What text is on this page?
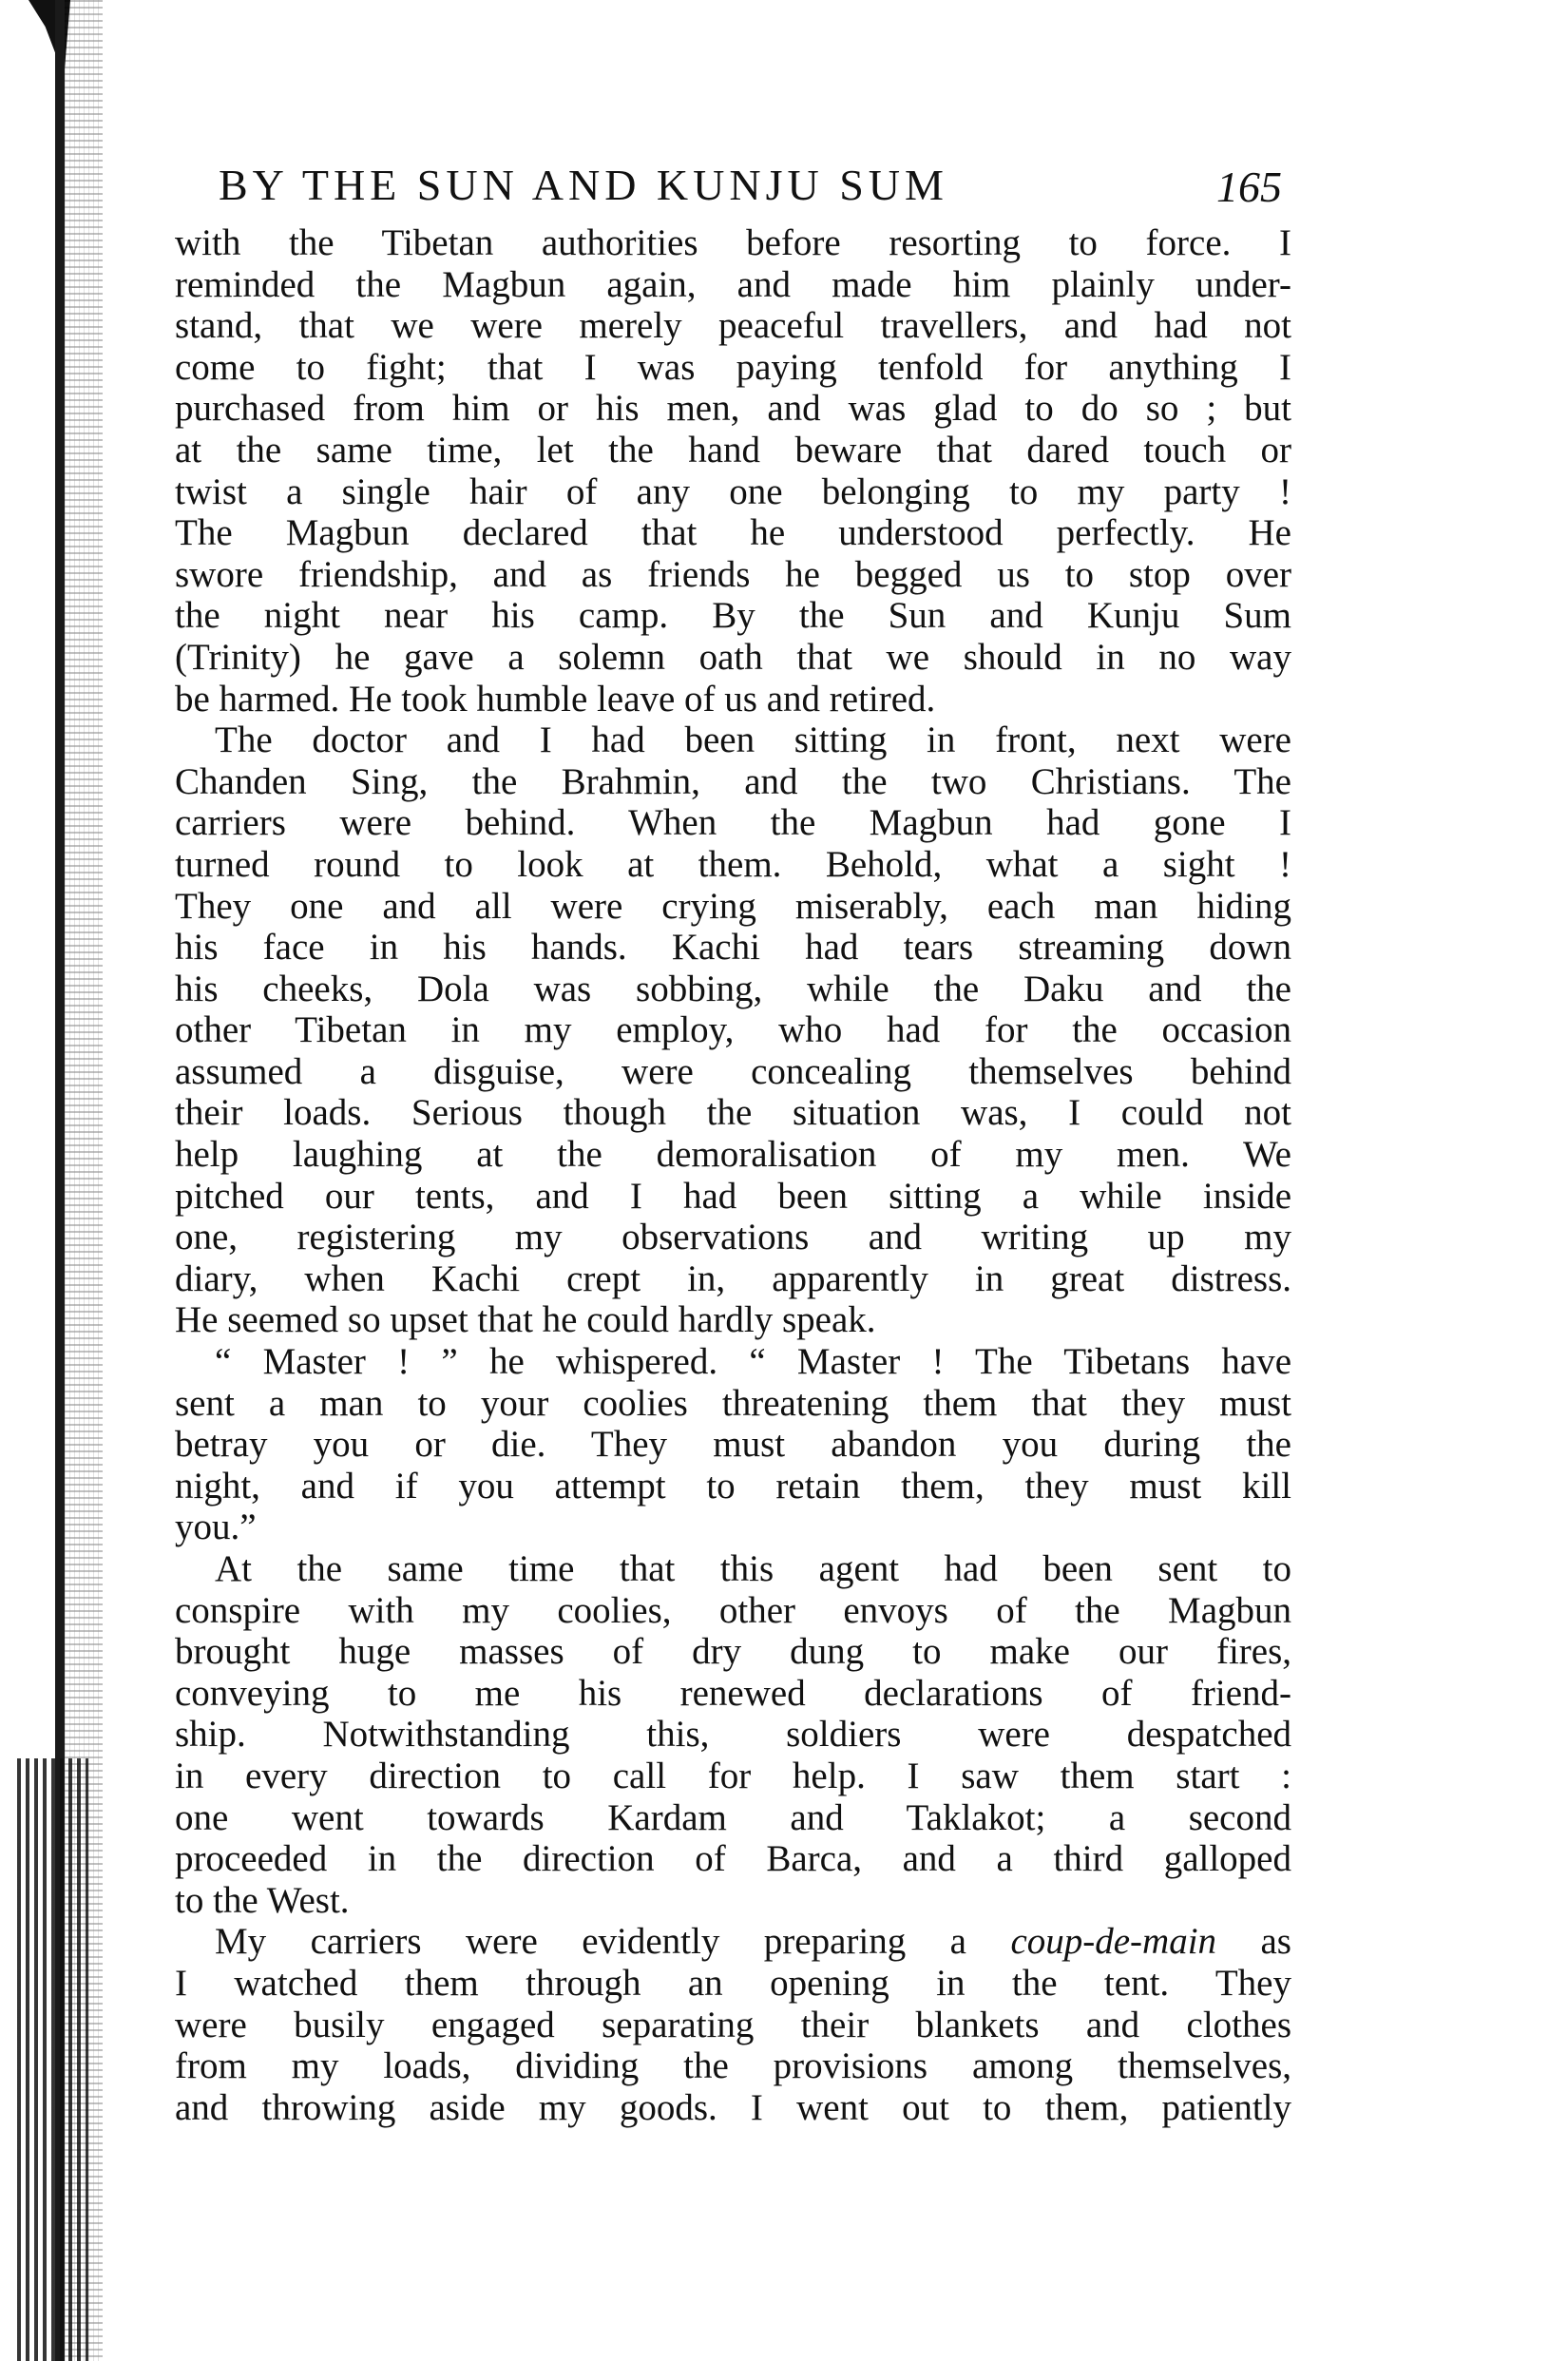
BY THE SUN AND KUNJU SUM	165
with the Tibetan authorities before resorting to force. I
reminded the Magbun again, and made him plainly under-
stand, that we were merely peaceful travellers, and had not
come to fight; that I was paying tenfold for anything I
purchased from him or his men, and was glad to do so ; but
at the same time, let the hand beware that dared touch or
twist a single hair of any one belonging to my party !
The Magbun declared that he understood perfectly. He
swore friendship, and as friends he begged us to stop over
the night near his camp. By the Sun and Kunju Sum
(Trinity) he gave a solemn oath that we should in no way
be harmed. He took humble leave of us and retired.
The doctor and I had been sitting in front, next were
Chanden Sing, the Brahmin, and the two Christians. The
carriers were behind. When the Magbun had gone I
turned round to look at them. Behold, what a sight !
They one and all were crying miserably, each man hiding
his face in his hands. Kachi had tears streaming down
his cheeks, Dola was sobbing, while the Daku and the
other Tibetan in my employ, who had for the occasion
assumed a disguise, were concealing themselves behind
their loads. Serious though the situation was, I could not
help laughing at the demoralisation of my men. We
pitched our tents, and I had been sitting a while inside
one, registering my observations and writing up my
diary, when Kachi crept in, apparently in great distress.
He seemed so upset that he could hardly speak.
“ Master ! ” he whispered. “ Master ! The Tibetans have
sent a man to your coolies threatening them that they must
betray you or die. They must abandon you during the
night, and if you attempt to retain them, they must kill
you.”
At the same time that this agent had been sent to
conspire with my coolies, other envoys of the Magbun
brought huge masses of dry dung to make our fires,
conveying to me his renewed declarations of friend-
ship. Notwithstanding this, soldiers were despatched
in every direction to call for help. I saw them start :
one went towards Kardam and Taklakot; a second
proceeded in the direction of Barca, and a third galloped
to the West.
My carriers were evidently preparing a coup-de-main as
I watched them through an opening in the tent. They
were busily engaged separating their blankets and clothes
from my loads, dividing the provisions among themselves,
and throwing aside my goods. I went out to them, patiently
